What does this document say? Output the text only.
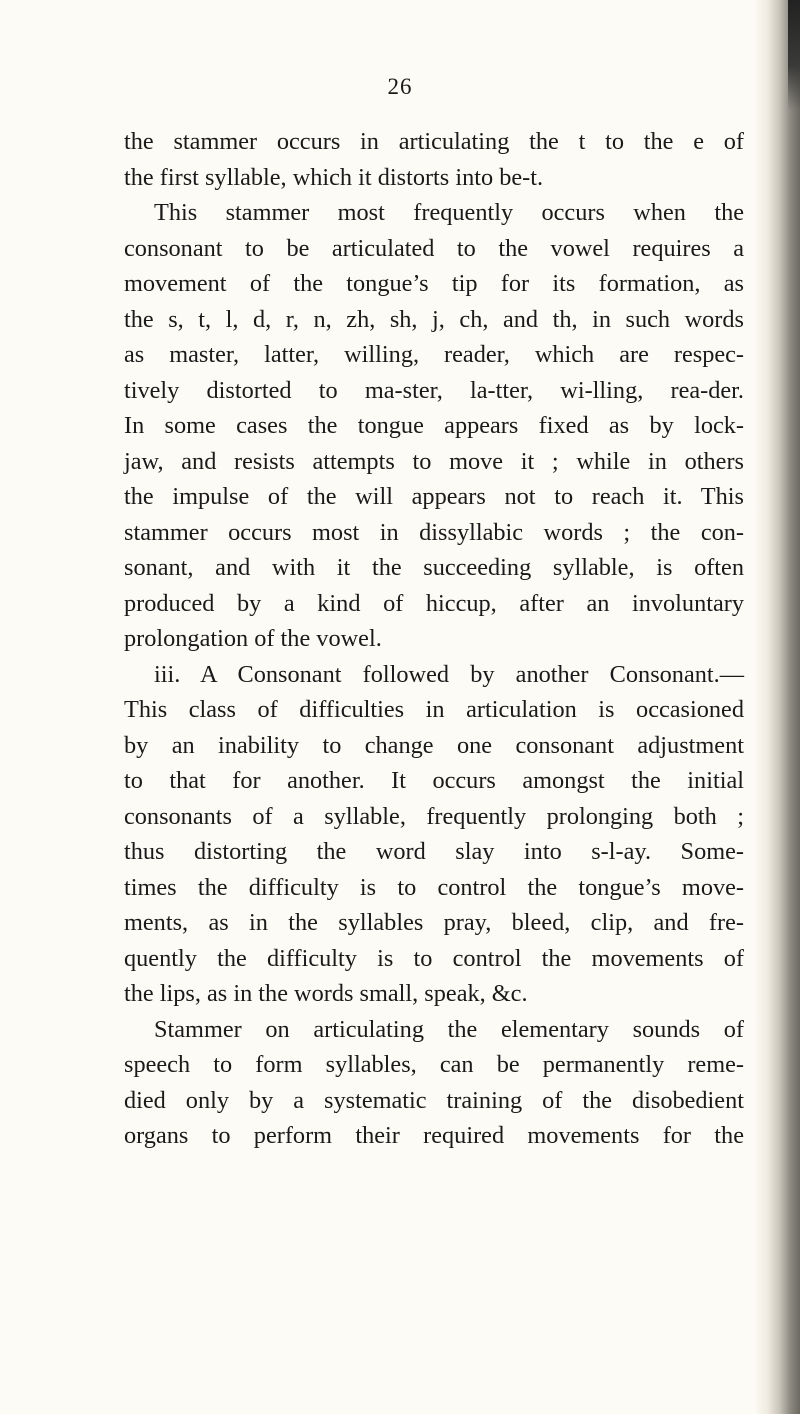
26
the stammer occurs in articulating the t to the e of
the first syllable, which it distorts into be-t.
This stammer most frequently occurs when the
consonant to be articulated to the vowel requires a
movement of the tongue’s tip for its formation, as
the s, t, l, d, r, n, zh, sh, j, ch, and th, in such words
as master, latter, willing, reader, which are respec-
tively distorted to ma-ster, la-tter, wi-lling, rea-der.
In some cases the tongue appears fixed as by lock-
jaw, and resists attempts to move it ; while in others
the impulse of the will appears not to reach it. This
stammer occurs most in dissyllabic words ; the con-
sonant, and with it the succeeding syllable, is often
produced by a kind of hiccup, after an involuntary
prolongation of the vowel.
iii. A Consonant followed by another Consonant.—
This class of difficulties in articulation is occasioned
by an inability to change one consonant adjustment
to that for another. It occurs amongst the initial
consonants of a syllable, frequently prolonging both ;
thus distorting the word slay into s-l-ay. Some-
times the difficulty is to control the tongue’s move-
ments, as in the syllables pray, bleed, clip, and fre-
quently the difficulty is to control the movements of
the lips, as in the words small, speak, &c.
Stammer on articulating the elementary sounds of
speech to form syllables, can be permanently reme-
died only by a systematic training of the disobedient
organs to perform their required movements for the
